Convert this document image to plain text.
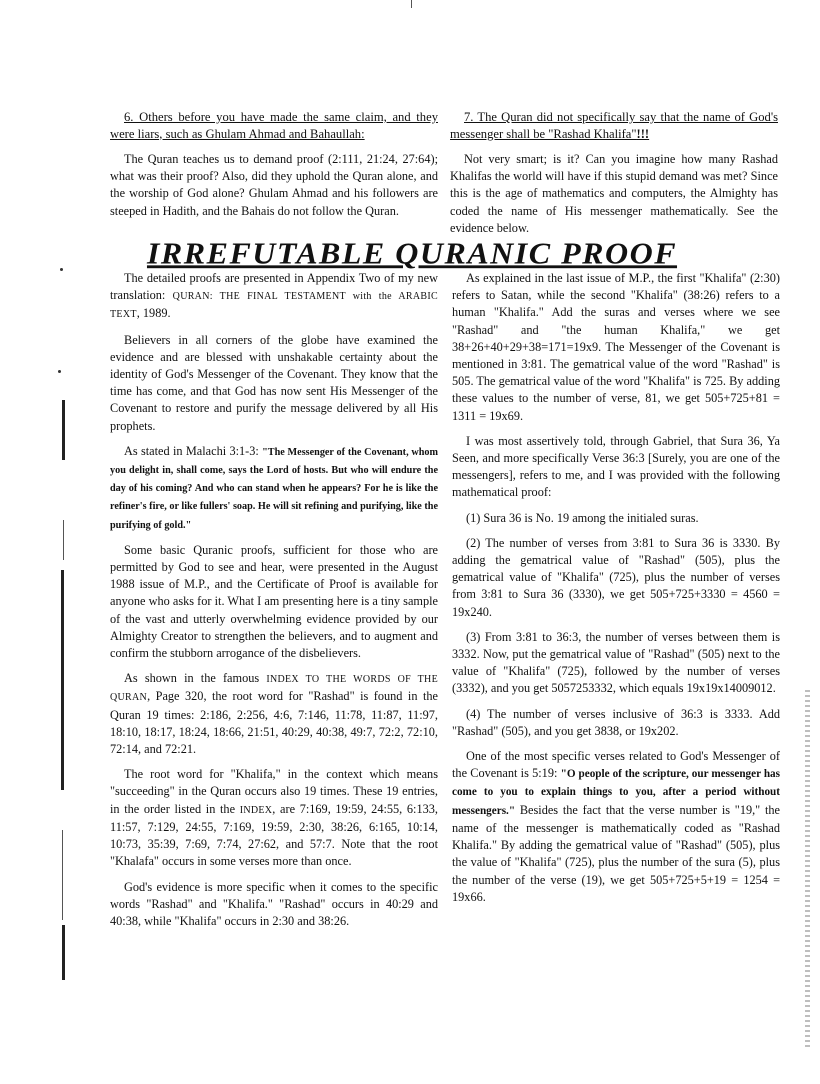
6. Others before you have made the same claim, and they were liars, such as Ghulam Ahmad and Bahaullah:

The Quran teaches us to demand proof (2:111, 21:24, 27:64); what was their proof? Also, did they uphold the Quran alone, and the worship of God alone? Ghulam Ahmad and his followers are steeped in Hadith, and the Bahais do not follow the Quran.

7. The Quran did not specifically say that the name of God's messenger shall be "Rashad Khalifa"!!!

Not very smart; is it? Can you imagine how many Rashad Khalifas the world will have if this stupid demand was met? Since this is the age of mathematics and computers, the Almighty has coded the name of His messenger mathematically. See the evidence below.

IRREFUTABLE QURANIC PROOF

The detailed proofs are presented in Appendix Two of my new translation: QURAN: THE FINAL TESTAMENT with the ARABIC TEXT, 1989.

Believers in all corners of the globe have examined the evidence and are blessed with unshakable certainty about the identity of God's Messenger of the Covenant. They know that the time has come, and that God has now sent His Messenger of the Covenant to restore and purify the message delivered by all His prophets.

As stated in Malachi 3:1-3: "The Messenger of the Covenant, whom you delight in, shall come, says the Lord of hosts. But who will endure the day of his coming? And who can stand when he appears? For he is like the refiner's fire, or like fullers' soap. He will sit refining and purifying, like the purifying of gold."

Some basic Quranic proofs, sufficient for those who are permitted by God to see and hear, were presented in the August 1988 issue of M.P., and the Certificate of Proof is available for anyone who asks for it. What I am presenting here is a tiny sample of the vast and utterly overwhelming evidence provided by our Almighty Creator to strengthen the believers, and to augment and confirm the stubborn arrogance of the disbelievers.

As shown in the famous INDEX TO THE WORDS OF THE QURAN, Page 320, the root word for "Rashad" is found in the Quran 19 times: 2:186, 2:256, 4:6, 7:146, 11:78, 11:87, 11:97, 18:10, 18:17, 18:24, 18:66, 21:51, 40:29, 40:38, 49:7, 72:2, 72:10, 72:14, and 72:21.

The root word for "Khalifa," in the context which means "succeeding" in the Quran occurs also 19 times. These 19 entries, in the order listed in the INDEX, are 7:169, 19:59, 24:55, 6:133, 11:57, 7:129, 24:55, 7:169, 19:59, 2:30, 38:26, 6:165, 10:14, 10:73, 35:39, 7:69, 7:74, 27:62, and 57:7. Note that the root "Khalafa" occurs in some verses more than once.

God's evidence is more specific when it comes to the specific words "Rashad" and "Khalifa." "Rashad" occurs in 40:29 and 40:38, while "Khalifa" occurs in 2:30 and 38:26.

As explained in the last issue of M.P., the first "Khalifa" (2:30) refers to Satan, while the second "Khalifa" (38:26) refers to a human "Khalifa." Add the suras and verses where we see "Rashad" and "the human Khalifa," we get 38+26+40+29+38=171=19x9. The Messenger of the Covenant is mentioned in 3:81. The gematrical value of the word "Rashad" is 505. The gematrical value of the word "Khalifa" is 725. By adding these values to the number of verse, 81, we get 505+725+81 = 1311 = 19x69.

I was most assertively told, through Gabriel, that Sura 36, Ya Seen, and more specifically Verse 36:3 [Surely, you are one of the messengers], refers to me, and I was provided with the following mathematical proof:

(1) Sura 36 is No. 19 among the initialed suras.

(2) The number of verses from 3:81 to Sura 36 is 3330. By adding the gematrical value of "Rashad" (505), plus the gematrical value of "Khalifa" (725), plus the number of verses from 3:81 to Sura 36 (3330), we get 505+725+3330 = 4560 = 19x240.

(3) From 3:81 to 36:3, the number of verses between them is 3332. Now, put the gematrical value of "Rashad" (505) next to the value of "Khalifa" (725), followed by the number of verses (3332), and you get 5057253332, which equals 19x19x14009012.

(4) The number of verses inclusive of 36:3 is 3333. Add "Rashad" (505), and you get 3838, or 19x202.

One of the most specific verses related to God's Messenger of the Covenant is 5:19: "O people of the scripture, our messenger has come to you to explain things to you, after a period without messengers." Besides the fact that the verse number is "19," the name of the messenger is mathematically coded as "Rashad Khalifa." By adding the gematrical value of "Rashad" (505), plus the value of "Khalifa" (725), plus the number of the sura (5), plus the number of the verse (19), we get 505+725+5+19 = 1254 = 19x66.
